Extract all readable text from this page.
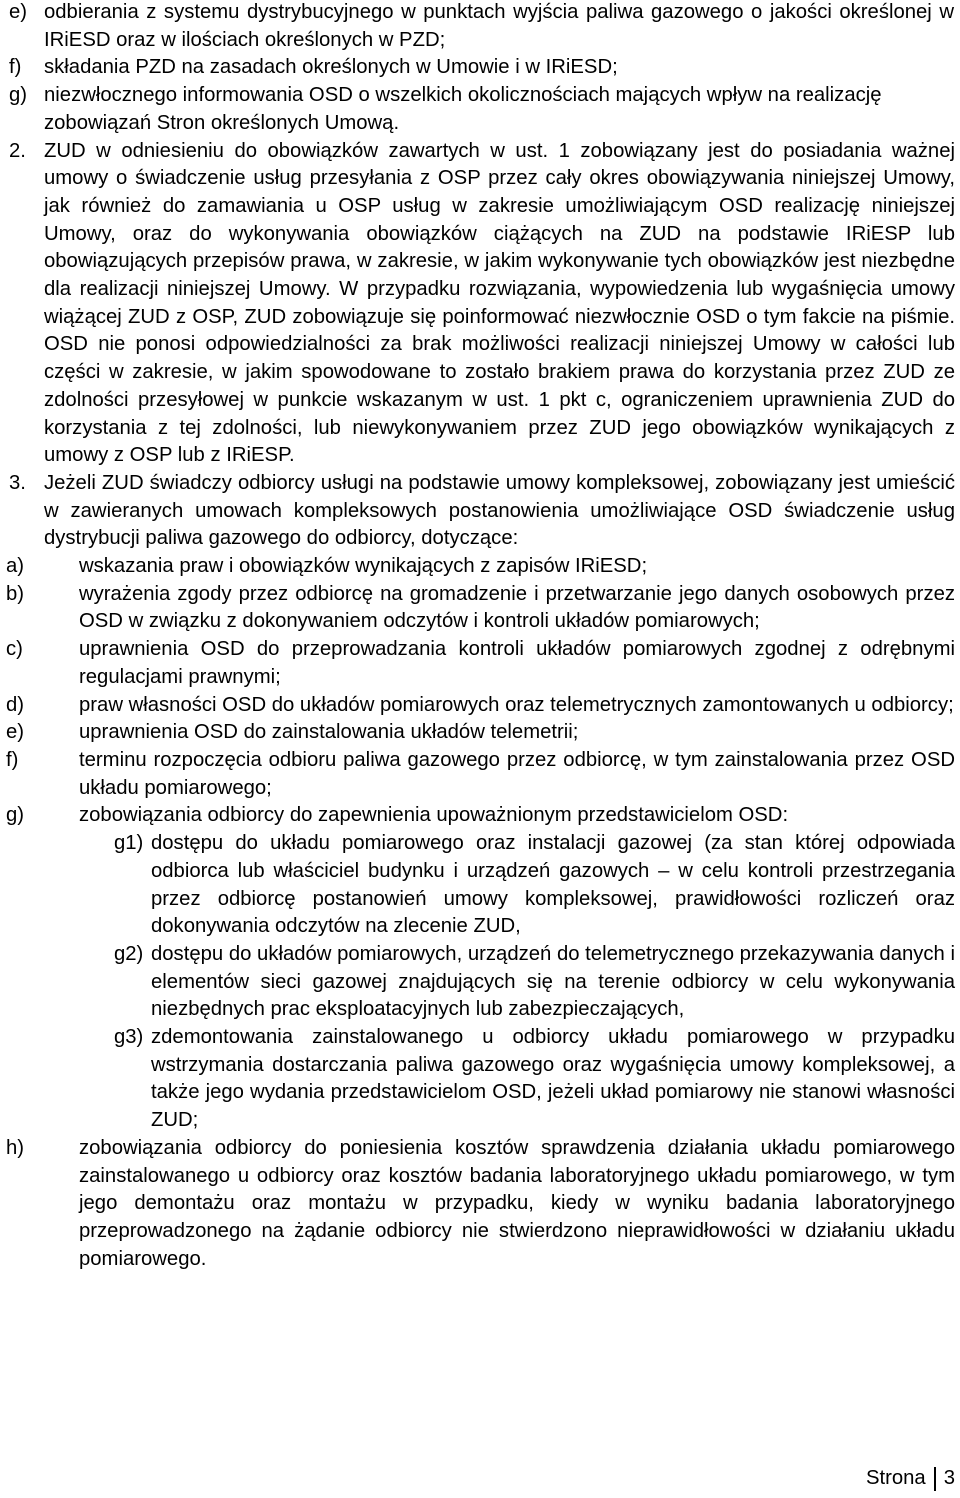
e) odbierania z systemu dystrybucyjnego w punktach wyjścia paliwa gazowego o jakości określonej w IRiESD oraz w ilościach określonych w PZD;
f) składania PZD na zasadach określonych w Umowie i w IRiESD;
g) niezwłocznego informowania OSD o wszelkich okolicznościach mających wpływ na realizację zobowiązań Stron określonych Umową.
2. ZUD w odniesieniu do obowiązków zawartych w ust. 1 zobowiązany jest do posiadania ważnej umowy o świadczenie usług przesyłania z OSP przez cały okres obowiązywania niniejszej Umowy, jak również do zamawiania u OSP usług w zakresie umożliwiającym OSD realizację niniejszej Umowy, oraz do wykonywania obowiązków ciążących na ZUD na podstawie IRiESP lub obowiązujących przepisów prawa, w zakresie, w jakim wykonywanie tych obowiązków jest niezbędne dla realizacji niniejszej Umowy. W przypadku rozwiązania, wypowiedzenia lub wygaśnięcia umowy wiążącej ZUD z OSP, ZUD zobowiązuje się poinformować niezwłocznie OSD o tym fakcie na piśmie. OSD nie ponosi odpowiedzialności za brak możliwości realizacji niniejszej Umowy w całości lub części w zakresie, w jakim spowodowane to zostało brakiem prawa do korzystania przez ZUD ze zdolności przesyłowej w punkcie wskazanym w ust. 1 pkt c, ograniczeniem uprawnienia ZUD do korzystania z tej zdolności, lub niewykonywaniem przez ZUD jego obowiązków wynikających z umowy z OSP lub z IRiESP.
3. Jeżeli ZUD świadczy odbiorcy usługi na podstawie umowy kompleksowej, zobowiązany jest umieścić w zawieranych umowach kompleksowych postanowienia umożliwiające OSD świadczenie usług dystrybucji paliwa gazowego do odbiorcy, dotyczące:
a)	wskazania praw i obowiązków wynikających z zapisów IRiESD;
b)	wyrażenia zgody przez odbiorcę na gromadzenie i przetwarzanie jego danych osobowych przez OSD w związku z dokonywaniem odczytów i kontroli układów pomiarowych;
c)	uprawnienia OSD do przeprowadzania kontroli układów pomiarowych zgodnej z odrębnymi regulacjami prawnymi;
d)	praw własności OSD do układów pomiarowych oraz telemetrycznych zamontowanych u odbiorcy;
e)	uprawnienia OSD do zainstalowania układów telemetrii;
f)	terminu rozpoczęcia odbioru paliwa gazowego przez odbiorcę, w tym zainstalowania przez OSD układu pomiarowego;
g)	zobowiązania odbiorcy do zapewnienia upoważnionym przedstawicielom OSD:
g1) dostępu do układu pomiarowego oraz instalacji gazowej (za stan której odpowiada odbiorca lub właściciel budynku i urządzeń gazowych – w celu kontroli przestrzegania przez odbiorcę postanowień umowy kompleksowej, prawidłowości rozliczeń oraz dokonywania odczytów na zlecenie ZUD,
g2) dostępu do układów pomiarowych, urządzeń do telemetrycznego przekazywania danych i elementów sieci gazowej znajdujących się na terenie odbiorcy w celu wykonywania niezbędnych prac eksploatacyjnych lub zabezpieczających,
g3) zdemontowania zainstalowanego u odbiorcy układu pomiarowego w przypadku wstrzymania dostarczania paliwa gazowego oraz wygaśnięcia umowy kompleksowej, a także jego wydania przedstawicielom OSD, jeżeli układ pomiarowy nie stanowi własności ZUD;
h)	zobowiązania odbiorcy do poniesienia kosztów sprawdzenia działania układu pomiarowego zainstalowanego u odbiorcy oraz kosztów badania laboratoryjnego układu pomiarowego, w tym jego demontażu oraz montażu w przypadku, kiedy w wyniku badania laboratoryjnego przeprowadzonego na żądanie odbiorcy nie stwierdzono nieprawidłowości w działaniu układu pomiarowego.
Strona 3
